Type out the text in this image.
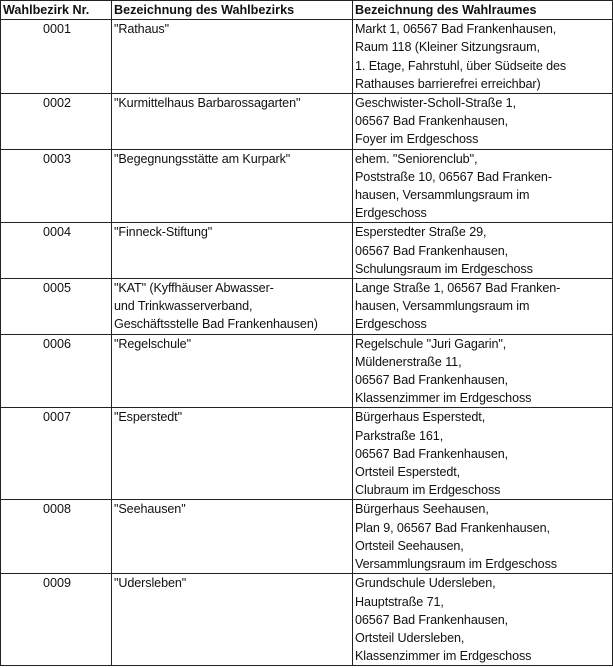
Wahlbezirk Nr.	Bezeichnung des Wahlbezirks	Bezeichnung des Wahlraumes
0001	"Rathaus"	Markt 1, 06567 Bad Frankenhausen,
Raum 118 (Kleiner Sitzungsraum,
1. Etage, Fahrstuhl, über Südseite des
Rathauses barrierefrei erreichbar)

0002	"Kurmittelhaus Barbarossagarten"	Geschwister-Scholl-Straße 1,
06567 Bad Frankenhausen,
Foyer im Erdgeschoss

0003	"Begegnungsstätte am Kurpark"	ehem. "Seniorenclub",
Poststraße 10, 06567 Bad Franken-
hausen, Versammlungsraum im
Erdgeschoss

0004	"Finneck-Stiftung"	Esperstedter Straße 29,
06567 Bad Frankenhausen,
Schulungsraum im Erdgeschoss

0005	"KAT" (Kyffhäuser Abwasser-
und Trinkwasserverband,
Geschäftsstelle Bad Frankenhausen)	Lange Straße 1, 06567 Bad Franken-
hausen, Versammlungsraum im
Erdgeschoss

0006	"Regelschule"	Regelschule "Juri Gagarin",
Müldenerstraße 11,
06567 Bad Frankenhausen,
Klassenzimmer im Erdgeschoss

0007	"Esperstedt"	Bürgerhaus Esperstedt,
Parkstraße 161,
06567 Bad Frankenhausen,
Ortsteil Esperstedt,
Clubraum im Erdgeschoss

0008	"Seehausen"	Bürgerhaus Seehausen,
Plan 9, 06567 Bad Frankenhausen,
Ortsteil Seehausen,
Versammlungsraum im Erdgeschoss

0009	"Udersleben"	Grundschule Udersleben,
Hauptstraße 71,
06567 Bad Frankenhausen,
Ortsteil Udersleben,
Klassenzimmer im Erdgeschoss
